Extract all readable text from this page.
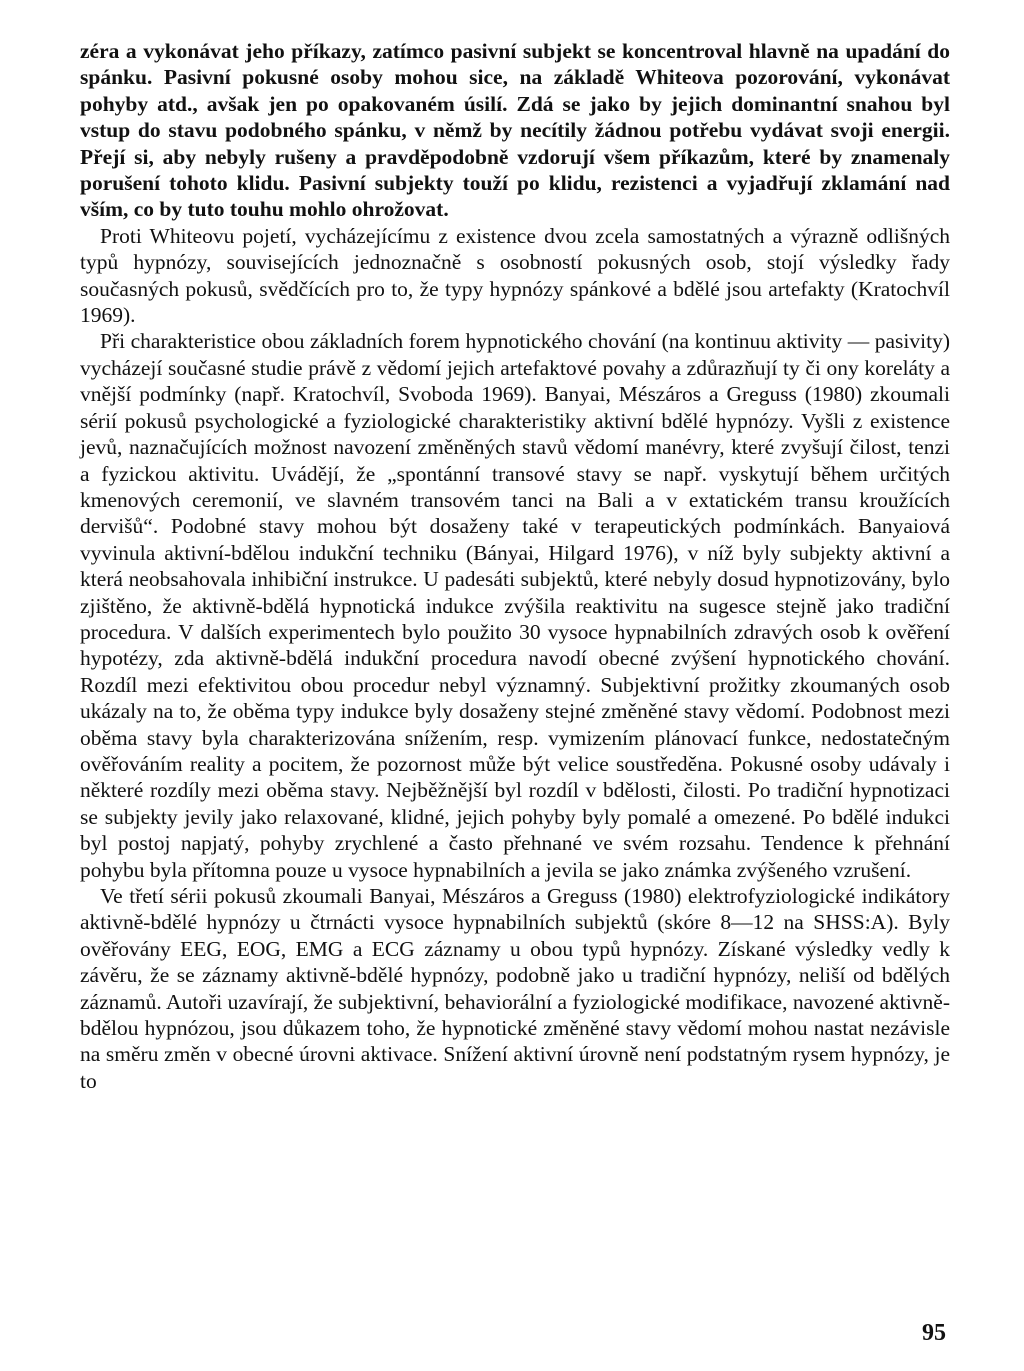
zéra a vykonávat jeho příkazy, zatímco pasivní subjekt se koncentroval hlavně na upadání do spánku. Pasivní pokusné osoby mohou sice, na základě Whiteova pozorování, vykonávat pohyby atd., avšak jen po opakovaném úsilí. Zdá se jako by jejich dominantní snahou byl vstup do stavu podobného spánku, v němž by necítily žádnou potřebu vydávat svoji energii. Přejí si, aby nebyly rušeny a pravděpodobně vzdorují všem příkazům, které by znamenaly porušení tohoto klidu. Pasivní subjekty touží po klidu, rezistenci a vyjadřují zklamání nad vším, co by tuto touhu mohlo ohrožovat.

Proti Whiteovu pojetí, vycházejícímu z existence dvou zcela samostatných a výrazně odlišných typů hypnózy, souvisejících jednoznačně s osobností pokusných osob, stojí výsledky řady současných pokusů, svědčících pro to, že typy hypnózy spánkové a bdělé jsou artefakty (Kratochvíl 1969).

Při charakteristice obou základních forem hypnotického chování (na kontinuu aktivity — pasivity) vycházejí současné studie právě z vědomí jejich artefaktové povahy a zdůrazňují ty či ony koreláty a vnější podmínky (např. Kratochvíl, Svoboda 1969). Banyai, Mészáros a Greguss (1980) zkoumali sérií pokusů psychologické a fyziologické charakteristiky aktivní bdělé hypnózy. Vyšli z existence jevů, naznačujících možnost navození změněných stavů vědomí manévry, které zvyšují čilost, tenzi a fyzickou aktivitu. Uvádějí, že „spontánní transové stavy se např. vyskytují během určitých kmenových ceremonií, ve slavném transovém tanci na Bali a v extatickém transu kroužících dervišů“. Podobné stavy mohou být dosaženy také v terapeutických podmínkách. Banyaiová vyvinula aktivní-bdělou indukční techniku (Bányai, Hilgard 1976), v níž byly subjekty aktivní a která neobsahovala inhibiční instrukce. U padesáti subjektů, které nebyly dosud hypnotizovány, bylo zjištěno, že aktivně-bdělá hypnotická indukce zvýšila reaktivitu na sugesce stejně jako tradiční procedura. V dalších experimentech bylo použito 30 vysoce hypnabilních zdravých osob k ověření hypotézy, zda aktivně-bdělá indukční procedura navodí obecné zvýšení hypnotického chování. Rozdíl mezi efektivitou obou procedur nebyl významný. Subjektivní prožitky zkoumaných osob ukázaly na to, že oběma typy indukce byly dosaženy stejné změněné stavy vědomí. Podobnost mezi oběma stavy byla charakterizována snížením, resp. vymizením plánovací funkce, nedostatečným ověřováním reality a pocitem, že pozornost může být velice soustředěna. Pokusné osoby udávaly i některé rozdíly mezi oběma stavy. Nejběžnější byl rozdíl v bdělosti, čilosti. Po tradiční hypnotizaci se subjekty jevily jako relaxované, klidné, jejich pohyby byly pomalé a omezené. Po bdělé indukci byl postoj napjatý, pohyby zrychlené a často přehnané ve svém rozsahu. Tendence k přehnání pohybu byla přítomna pouze u vysoce hypnabilních a jevila se jako známka zvýšeného vzrušení.

Ve třetí sérii pokusů zkoumali Banyai, Mészáros a Greguss (1980) elektrofyziologické indikátory aktivně-bdělé hypnózy u čtrnácti vysoce hypnabilních subjektů (skóre 8—12 na SHSS:A). Byly ověřovány EEG, EOG, EMG a ECG záznamy u obou typů hypnózy. Získané výsledky vedly k závěru, že se záznamy aktivně-bdělé hypnózy, podobně jako u tradiční hypnózy, neliší od bdělých záznamů. Autoři uzavírají, že subjektivní, behaviorální a fyziologické modifikace, navozené aktivně-bdělou hypnózou, jsou důkazem toho, že hypnotické změněné stavy vědomí mohou nastat nezávisle na směru změn v obecné úrovni aktivace. Snížení aktivní úrovně není podstatným rysem hypnózy, je to

95
